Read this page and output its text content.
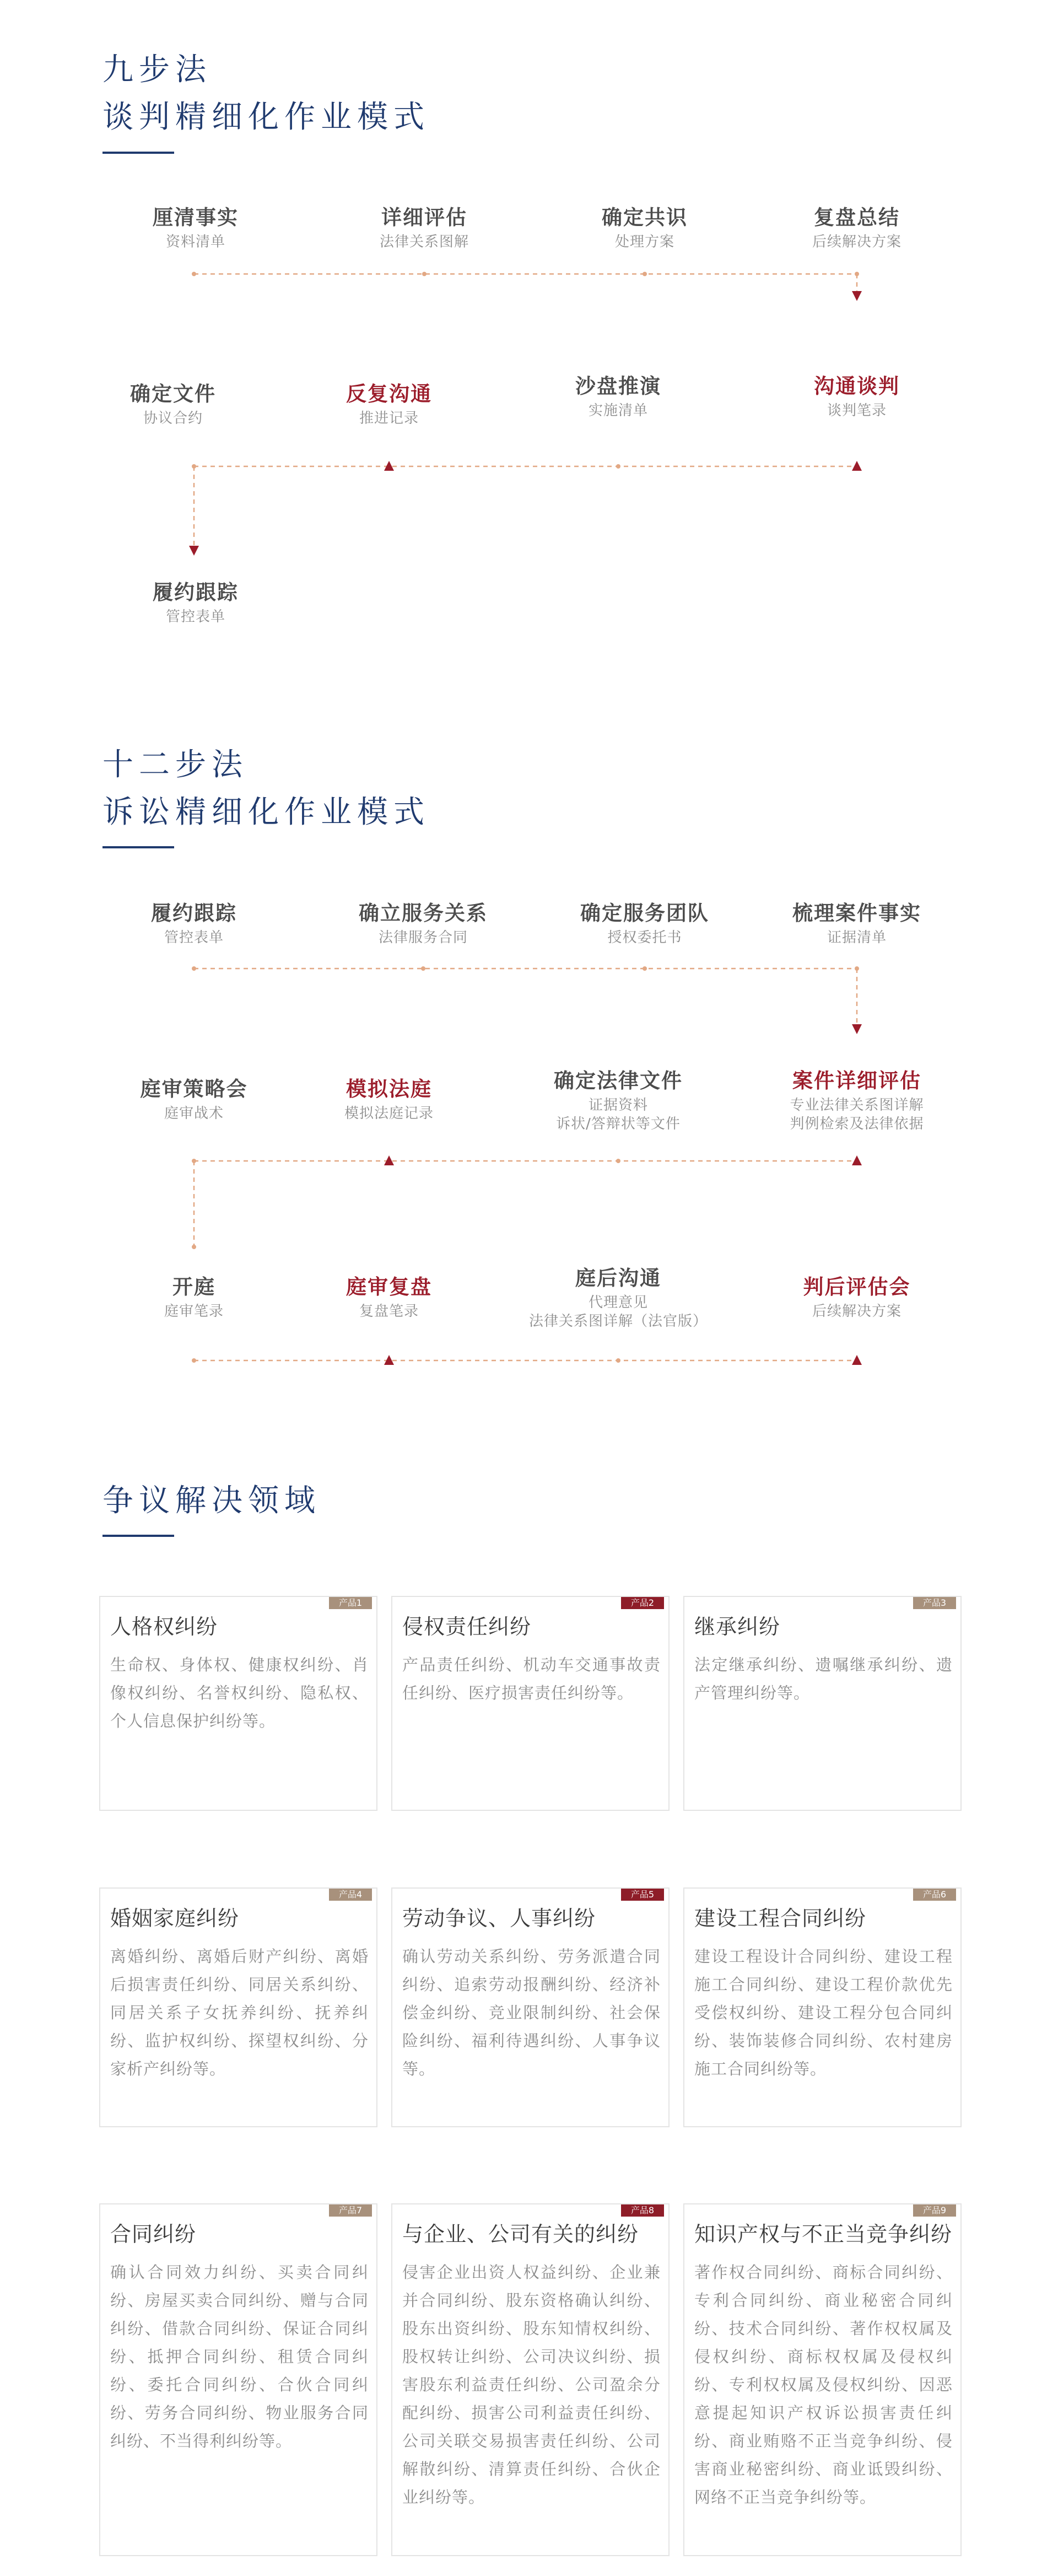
九步法
谈判精细化作业模式
厘清事实
资料清单
详细评估
法律关系图解
确定共识
处理方案
复盘总结
后续解决方案
确定文件
协议合约
反复沟通
推进记录
沙盘推演
实施清单
沟通谈判
谈判笔录
履约跟踪
管控表单
十二步法
诉讼精细化作业模式
履约跟踪
管控表单
确立服务关系
法律服务合同
确定服务团队
授权委托书
梳理案件事实
证据清单
庭审策略会
庭审战术
模拟法庭
模拟法庭记录
确定法律文件
证据资料
诉状/答辩状等文件
案件详细评估
专业法律关系图详解
判例检索及法律依据
开庭
庭审笔录
庭审复盘
复盘笔录
庭后沟通
代理意见
法律关系图详解（法官版）
判后评估会
后续解决方案
争议解决领域
产品1
人格权纠纷
生命权、身体权、健康权纠纷、肖像权纠纷、名誉权纠纷、隐私权、个人信息保护纠纷等。
产品2
侵权责任纠纷
产品责任纠纷、机动车交通事故责任纠纷、医疗损害责任纠纷等。
产品3
继承纠纷
法定继承纠纷、遗嘱继承纠纷、遗产管理纠纷等。
产品4
婚姻家庭纠纷
离婚纠纷、离婚后财产纠纷、离婚后损害责任纠纷、同居关系纠纷、同居关系子女抚养纠纷、抚养纠纷、监护权纠纷、探望权纠纷、分家析产纠纷等。
产品5
劳动争议、人事纠纷
确认劳动关系纠纷、劳务派遣合同纠纷、追索劳动报酬纠纷、经济补偿金纠纷、竞业限制纠纷、社会保险纠纷、福利待遇纠纷、人事争议等。
产品6
建设工程合同纠纷
建设工程设计合同纠纷、建设工程施工合同纠纷、建设工程价款优先受偿权纠纷、建设工程分包合同纠纷、装饰装修合同纠纷、农村建房施工合同纠纷等。
产品7
合同纠纷
确认合同效力纠纷、买卖合同纠纷、房屋买卖合同纠纷、赠与合同纠纷、借款合同纠纷、保证合同纠纷、抵押合同纠纷、租赁合同纠纷、委托合同纠纷、合伙合同纠纷、劳务合同纠纷、物业服务合同纠纷、不当得利纠纷等。
产品8
与企业、公司有关的纠纷
侵害企业出资人权益纠纷、企业兼并合同纠纷、股东资格确认纠纷、股东出资纠纷、股东知情权纠纷、股权转让纠纷、公司决议纠纷、损害股东利益责任纠纷、公司盈余分配纠纷、损害公司利益责任纠纷、公司关联交易损害责任纠纷、公司解散纠纷、清算责任纠纷、合伙企业纠纷等。
产品9
知识产权与不正当竞争纠纷
著作权合同纠纷、商标合同纠纷、专利合同纠纷、商业秘密合同纠纷、技术合同纠纷、著作权权属及侵权纠纷、商标权权属及侵权纠纷、专利权权属及侵权纠纷、因恶意提起知识产权诉讼损害责任纠纷、商业贿赂不正当竞争纠纷、侵害商业秘密纠纷、商业诋毁纠纷、网络不正当竞争纠纷等。
